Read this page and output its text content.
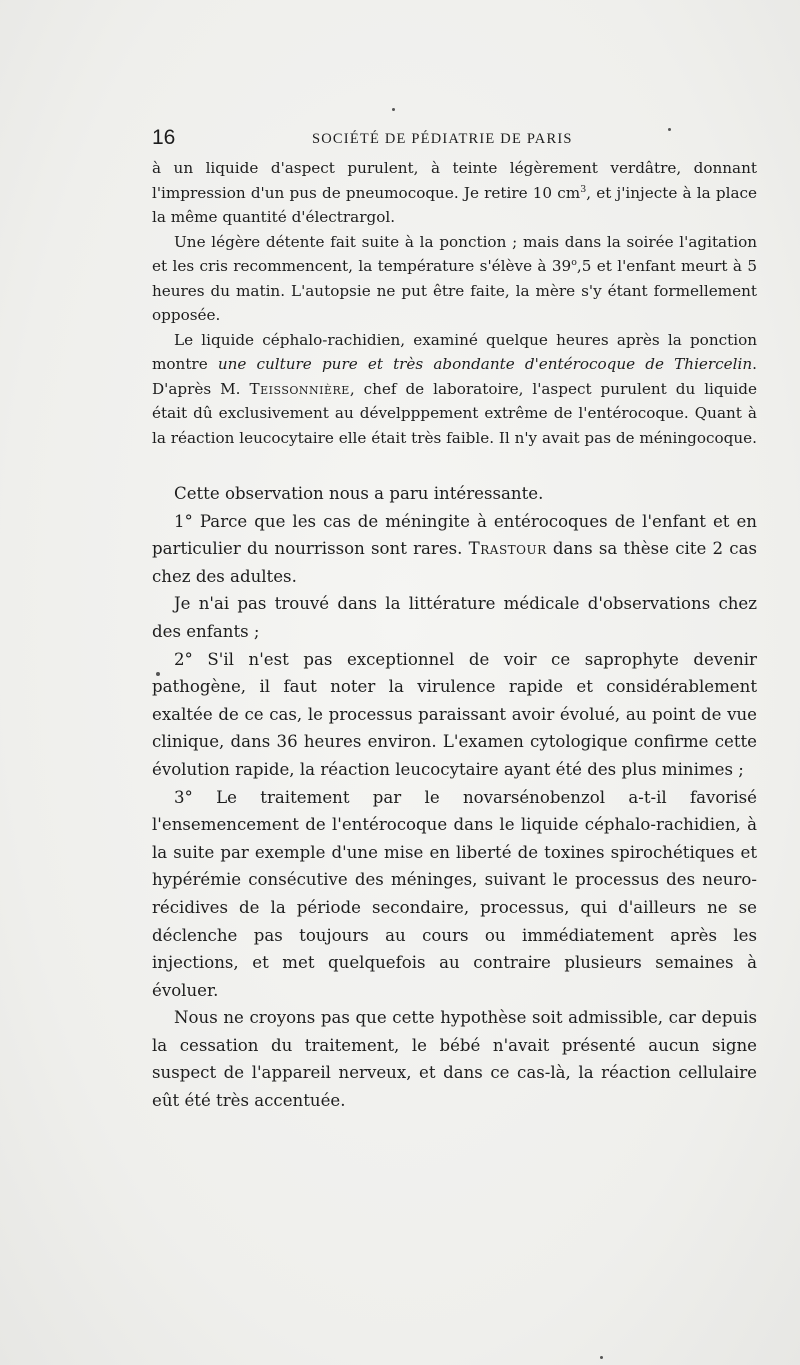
16	SOCIÉTÉ DE PÉDIATRIE DE PARIS

à un liquide d'aspect purulent, à teinte légèrement verdâtre, donnant l'impression d'un pus de pneumocoque. Je retire 10 $cm^3$, et j'injecte à la place la même quantité d'électrargol.

Une légère détente fait suite à la ponction ; mais dans la soirée l'agitation et les cris recommencent, la température s'élève à 39$^o$,5 et l'enfant meurt à 5 heures du matin. L'autopsie ne put être faite, la mère s'y étant formellement opposée.

Le liquide céphalo-rachidien, examiné quelque heures après la ponction montre une culture pure et très abondante d'entérocoque de Thiercelin. D'après M. Teissonnière, chef de laboratoire, l'aspect purulent du liquide était dû exclusivement au dévelpppement extrême de l'entérocoque. Quant à la réaction leucocytaire elle était très faible. Il n'y avait pas de méningocoque.

Cette observation nous a paru intéressante.

1° Parce que les cas de méningite à entérocoques de l'enfant et en particulier du nourrisson sont rares. Trastour dans sa thèse cite 2 cas chez des adultes.

Je n'ai pas trouvé dans la littérature médicale d'observations chez des enfants ;

2° S'il n'est pas exceptionnel de voir ce saprophyte devenir pathogène, il faut noter la virulence rapide et considérablement exaltée de ce cas, le processus paraissant avoir évolué, au point de vue clinique, dans 36 heures environ. L'examen cytologique confirme cette évolution rapide, la réaction leucocytaire ayant été des plus minimes ;

3° Le traitement par le novarsénobenzol a-t-il favorisé l'ensemencement de l'entérocoque dans le liquide céphalo-rachidien, à la suite par exemple d'une mise en liberté de toxines spirochétiques et hypérémie consécutive des méninges, suivant le processus des neuro-récidives de la période secondaire, processus, qui d'ailleurs ne se déclenche pas toujours au cours ou immédiatement après les injections, et met quelquefois au contraire plusieurs semaines à évoluer.

Nous ne croyons pas que cette hypothèse soit admissible, car depuis la cessation du traitement, le bébé n'avait présenté aucun signe suspect de l'appareil nerveux, et dans ce cas-là, la réaction cellulaire eût été très accentuée.
